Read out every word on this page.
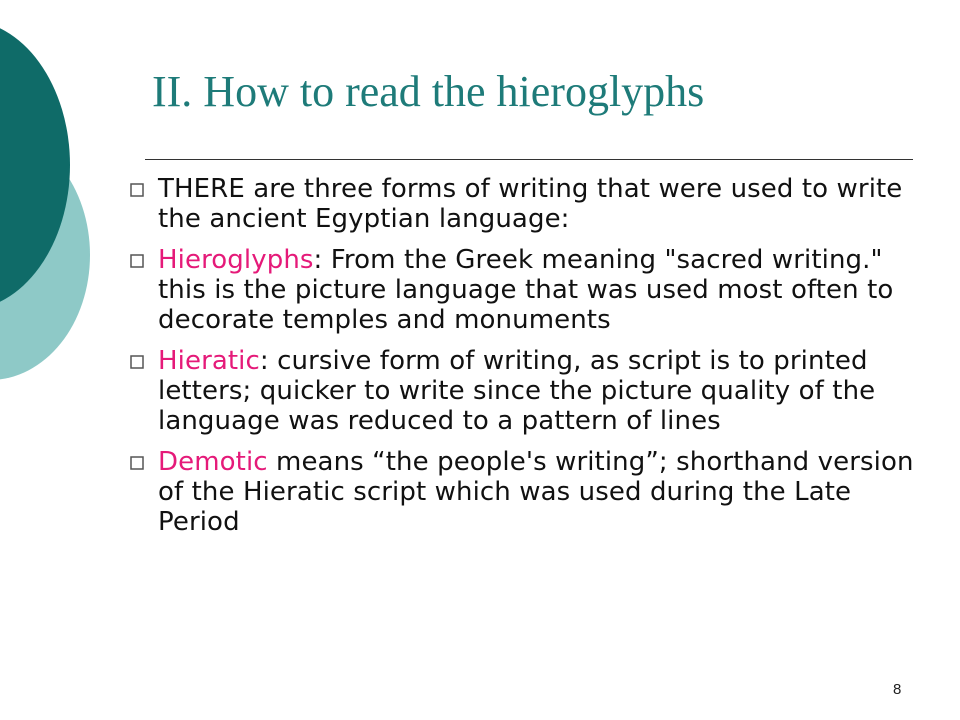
II. How to read the hieroglyphs
THERE are three forms of writing that were used to write the ancient Egyptian language:
Hieroglyphs: From the Greek meaning "sacred writing." this is the picture language that was used most often to decorate temples and monuments
Hieratic: cursive form of writing, as script is to printed letters; quicker to write since the picture quality of the language was reduced to a pattern of lines
Demotic means “the people's writing”; shorthand version of the Hieratic script which was used during the Late Period
8
